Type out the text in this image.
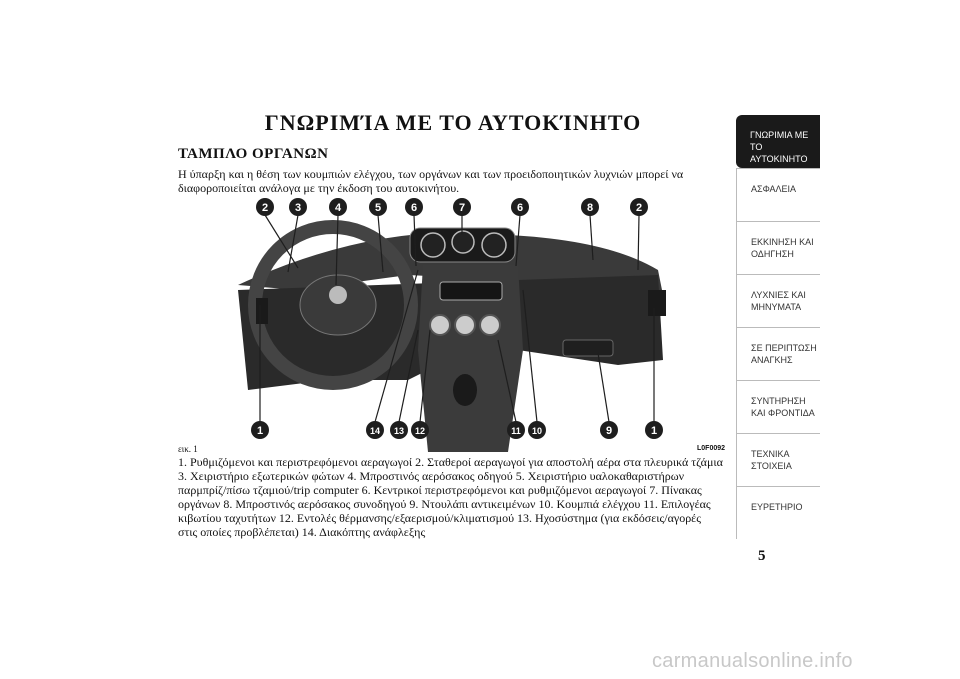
ΓΝΩΡΙΜΊΑ ΜΕ ΤΟ ΑΥΤΟΚΊΝΗΤΟ
ΤΑΜΠΛΟ ΟΡΓΑΝΩΝ
Η ύπαρξη και η θέση των κουμπιών ελέγχου, των οργάνων και των προειδοποιητικών λυχνιών μπορεί να διαφοροποιείται ανάλογα με την έκδοση του αυτοκινήτου.
2 3	4	5	6	7	6	8	2
1	14 13 12	11 10	9	1
εικ. 1	L0F0092
1. Ρυθμιζόμενοι και περιστρεφόμενοι αεραγωγοί 2. Σταθεροί αεραγωγοί για αποστολή αέρα στα πλευρικά τζάμια 3. Χειριστήριο εξωτερικών φώτων 4. Μπροστινός αερόσακος οδηγού 5. Χειριστήριο υαλοκαθαριστήρων παρμπρίζ/πίσω τζαμιού/trip computer 6. Κεντρικοί περιστρεφόμενοι και ρυθμιζόμενοι αεραγωγοί 7. Πίνακας οργάνων 8. Μπροστινός αερόσακος συνοδηγού 9. Ντουλάπι αντικειμένων 10. Κουμπιά ελέγχου 11. Επιλογέας κιβωτίου ταχυτήτων 12. Εντολές θέρμανσης/εξαερισμού/κλιματισμού 13. Ηχοσύστημα (για εκδόσεις/αγορές στις οποίες προβλέπεται) 14. Διακόπτης ανάφλεξης
ΓΝΩΡΙΜΙΑ ΜΕ ΤΟ ΑΥΤΟΚΙΝΗΤΟ
ΑΣΦΑΛΕΙΑ
ΕΚΚΙΝΗΣΗ ΚΑΙ ΟΔΗΓΗΣΗ
ΛΥΧΝΙΕΣ ΚΑΙ ΜΗΝΥΜΑΤΑ
ΣΕ ΠΕΡΙΠΤΩΣΗ ΑΝΑΓΚΗΣ
ΣΥΝΤΗΡΗΣΗ ΚΑΙ ΦΡΟΝΤΙΔΑ
ΤΕΧΝΙΚΑ ΣΤΟΙΧΕΙΑ
ΕΥΡΕΤΗΡΙΟ
5
carmanualsonline.info
